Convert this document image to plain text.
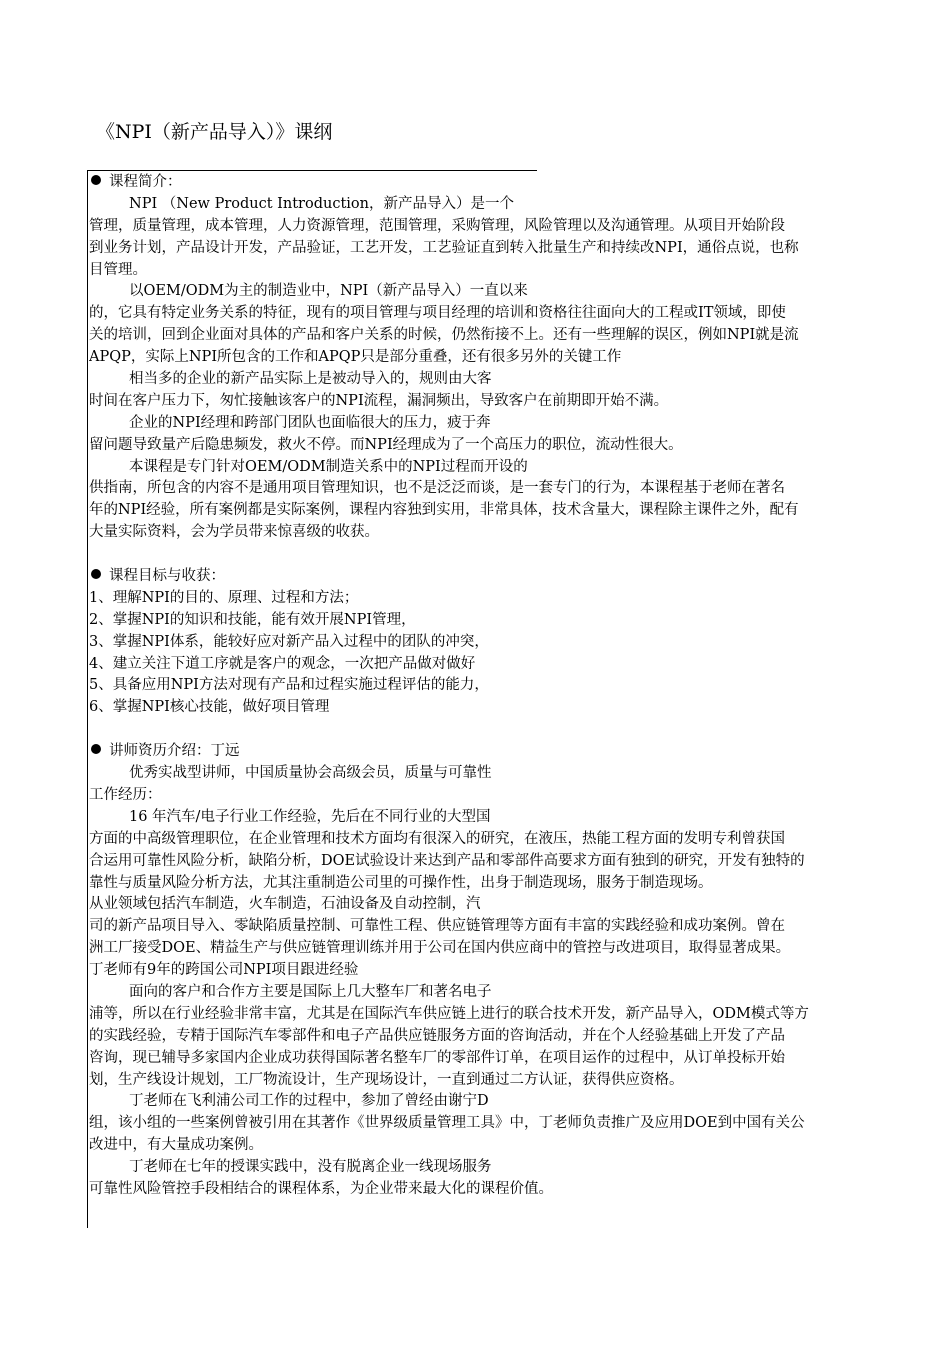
《NPI（新产品导入）》课纲
课程简介：
NPI （New Product Introduction，新产品导入）是一个
管理，质量管理，成本管理，人力资源管理，范围管理，采购管理，风险管理以及沟通管理。从项目开始阶段
到业务计划，产品设计开发，产品验证，工艺开发，工艺验证直到转入批量生产和持续改NPI，通俗点说，也称
目管理。
以OEM/ODM为主的制造业中，NPI（新产品导入）一直以来
的，它具有特定业务关系的特征，现有的项目管理与项目经理的培训和资格往往面向大的工程或IT领域，即使
关的培训，回到企业面对具体的产品和客户关系的时候，仍然衔接不上。还有一些理解的误区，例如NPI就是流
APQP，实际上NPI所包含的工作和APQP只是部分重叠，还有很多另外的关键工作
相当多的企业的新产品实际上是被动导入的，规则由大客
时间在客户压力下，匆忙接触该客户的NPI流程，漏洞频出，导致客户在前期即开始不满。
企业的NPI经理和跨部门团队也面临很大的压力，疲于奔
留问题导致量产后隐患频发，救火不停。而NPI经理成为了一个高压力的职位，流动性很大。
本课程是专门针对OEM/ODM制造关系中的NPI过程而开设的
供指南，所包含的内容不是通用项目管理知识，也不是泛泛而谈，是一套专门的行为，本课程基于老师在著名
年的NPI经验，所有案例都是实际案例，课程内容独到实用，非常具体，技术含量大，课程除主课件之外，配有
大量实际资料，会为学员带来惊喜级的收获。
课程目标与收获：
1、理解NPI的目的、原理、过程和方法；
2、掌握NPI的知识和技能，能有效开展NPI管理，
3、掌握NPI体系，能较好应对新产品入过程中的团队的冲突，
4、建立关注下道工序就是客户的观念，一次把产品做对做好
5、具备应用NPI方法对现有产品和过程实施过程评估的能力，
6、掌握NPI核心技能，做好项目管理
讲师资历介绍：丁远
优秀实战型讲师，中国质量协会高级会员，质量与可靠性
工作经历：
16 年汽车/电子行业工作经验，先后在不同行业的大型国
方面的中高级管理职位，在企业管理和技术方面均有很深入的研究，在液压，热能工程方面的发明专利曾获国
合运用可靠性风险分析，缺陷分析，DOE试验设计来达到产品和零部件高要求方面有独到的研究，开发有独特的
靠性与质量风险分析方法，尤其注重制造公司里的可操作性，出身于制造现场，服务于制造现场。
从业领域包括汽车制造，火车制造，石油设备及自动控制，汽
司的新产品项目导入、零缺陷质量控制、可靠性工程、供应链管理等方面有丰富的实践经验和成功案例。曾在
洲工厂接受DOE、精益生产与供应链管理训练并用于公司在国内供应商中的管控与改进项目，取得显著成果。
丁老师有9年的跨国公司NPI项目跟进经验
面向的客户和合作方主要是国际上几大整车厂和著名电子
浦等，所以在行业经验非常丰富，尤其是在国际汽车供应链上进行的联合技术开发，新产品导入，ODM模式等方
的实践经验，专精于国际汽车零部件和电子产品供应链服务方面的咨询活动，并在个人经验基础上开发了产品
咨询，现已辅导多家国内企业成功获得国际著名整车厂的零部件订单，在项目运作的过程中，从订单投标开始
划，生产线设计规划，工厂物流设计，生产现场设计，一直到通过二方认证，获得供应资格。
丁老师在飞利浦公司工作的过程中，参加了曾经由谢宁D
组，该小组的一些案例曾被引用在其著作《世界级质量管理工具》中，丁老师负责推广及应用DOE到中国有关公
改进中，有大量成功案例。
丁老师在七年的授课实践中，没有脱离企业一线现场服务
可靠性风险管控手段相结合的课程体系，为企业带来最大化的课程价值。
